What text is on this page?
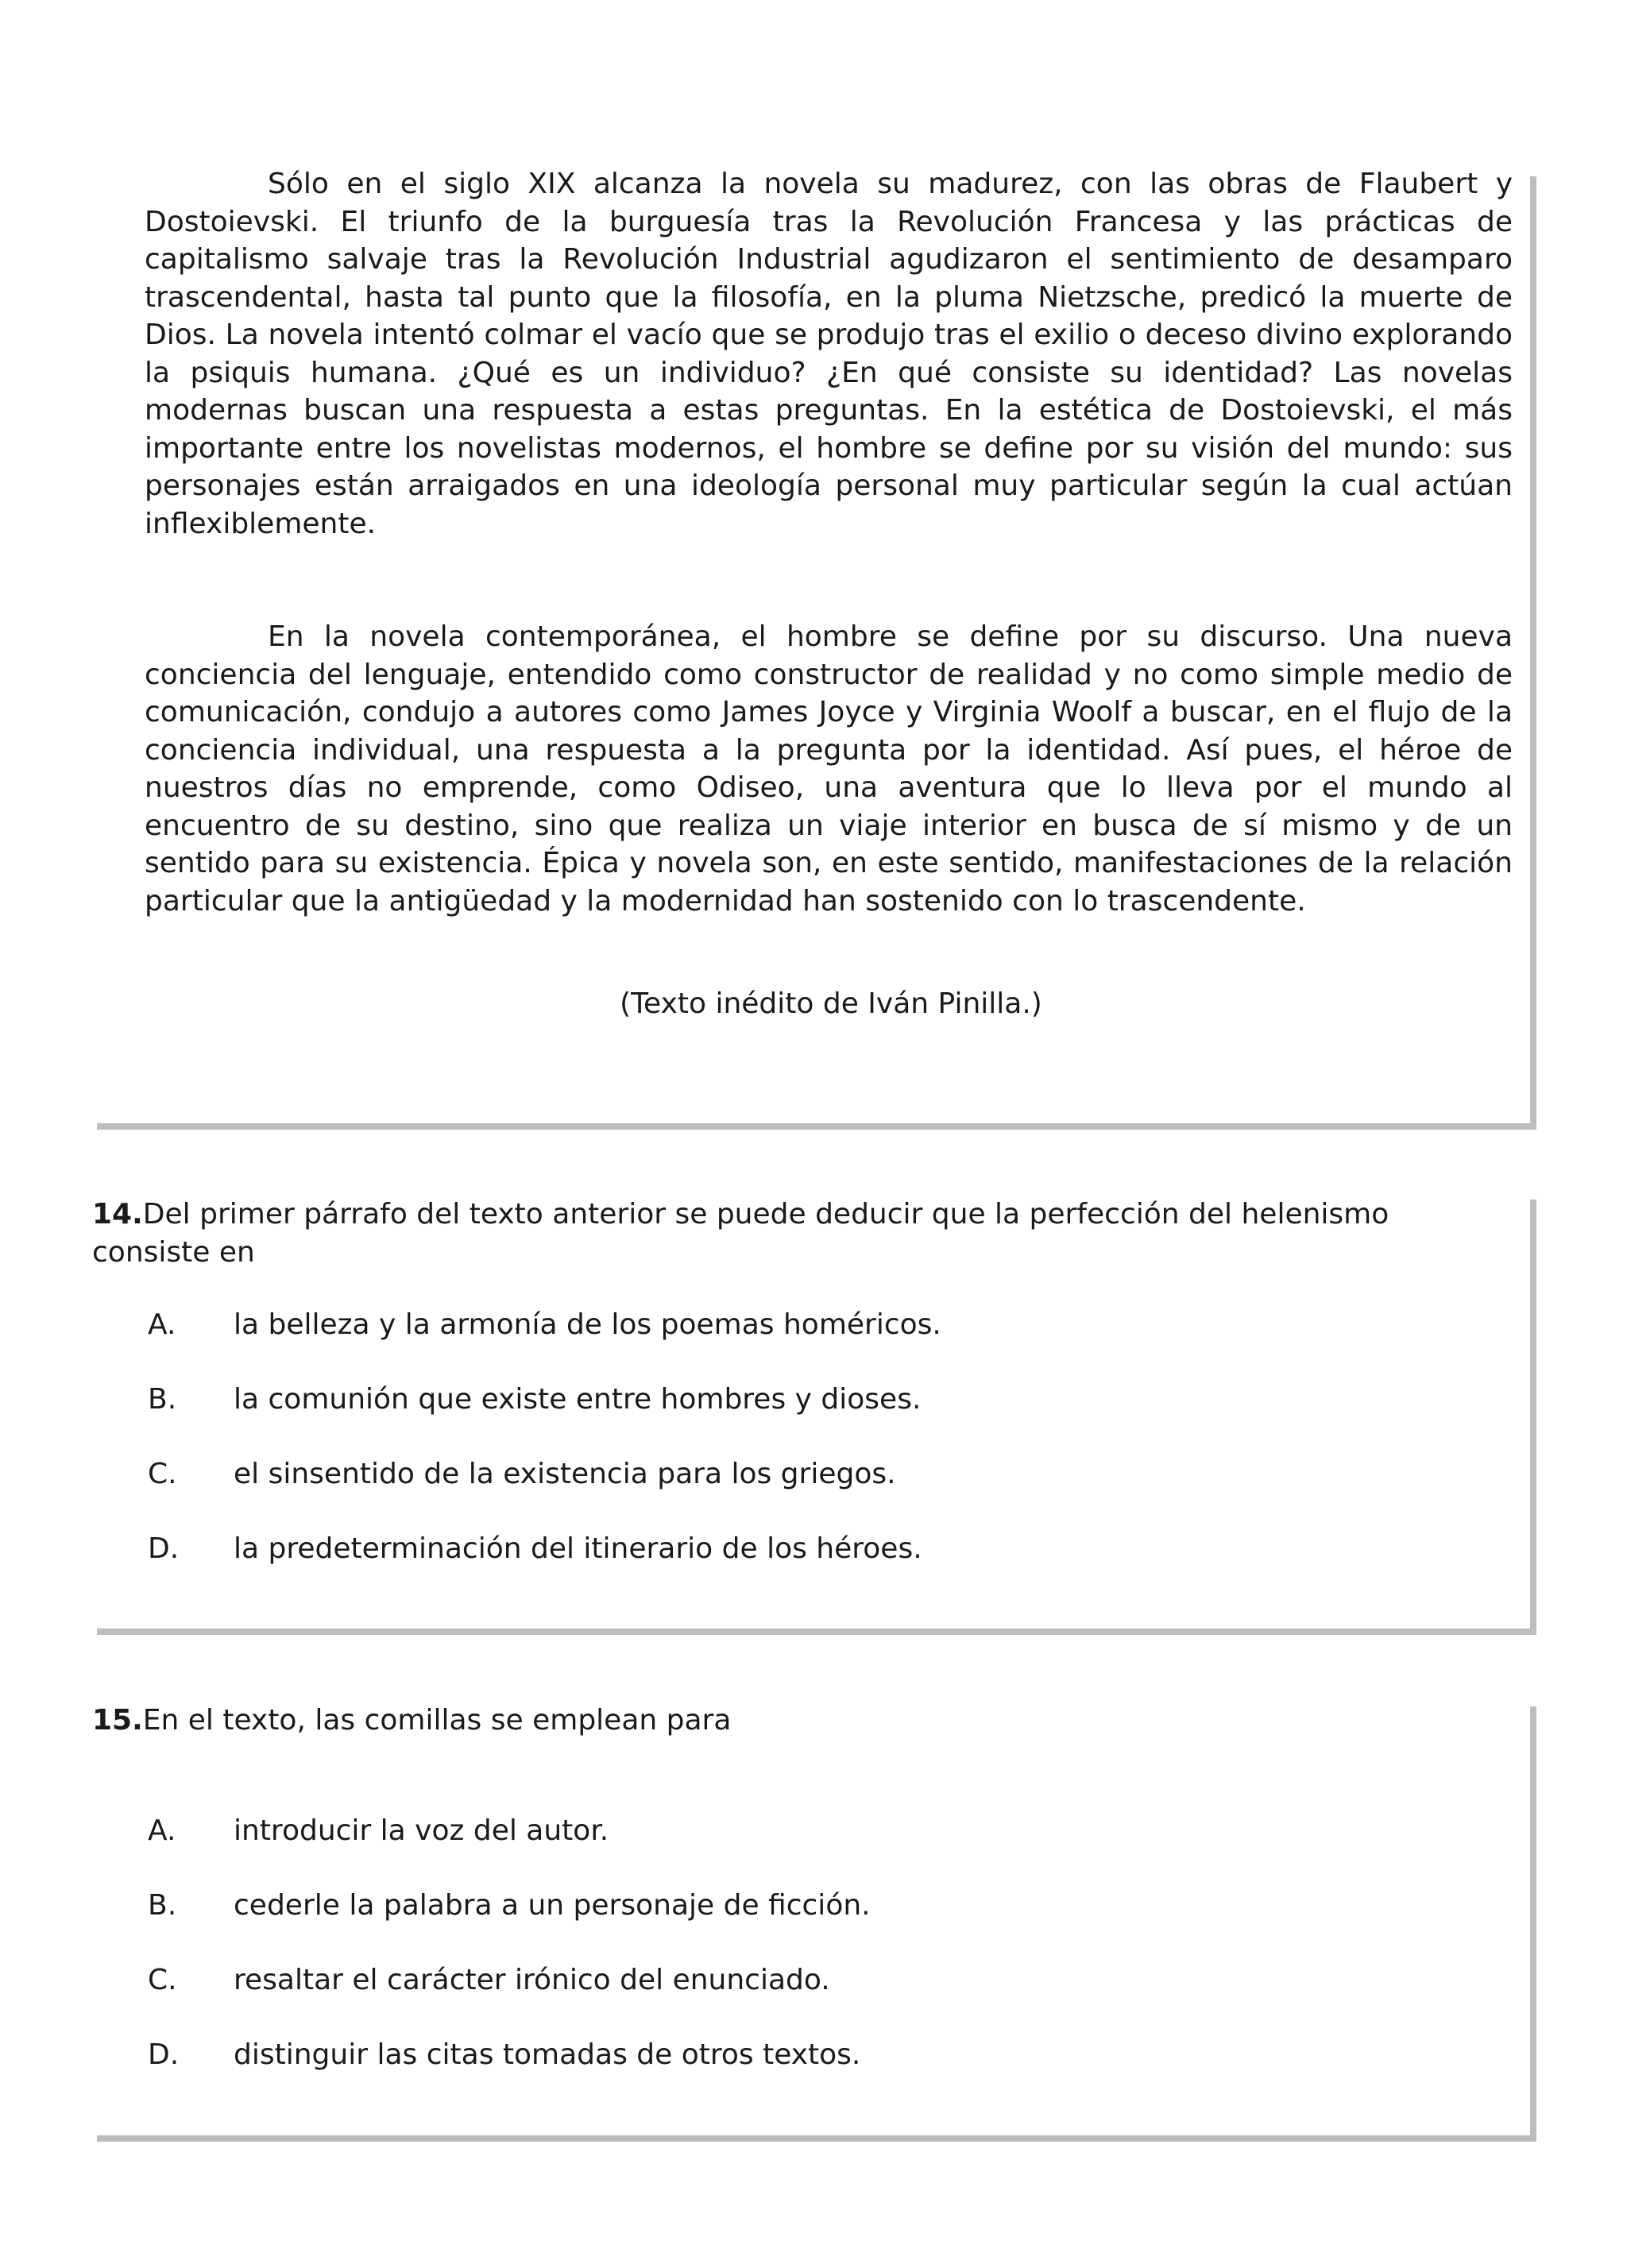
Sólo en el siglo XIX alcanza la novela su madurez, con las obras de Flaubert y Dostoievski. El triunfo de la burguesía tras la Revolución Francesa y las prácticas de capitalismo salvaje tras la Revolución Industrial agudizaron el sentimiento de desamparo trascendental, hasta tal punto que la filosofía, en la pluma Nietzsche, predicó la muerte de Dios. La novela intentó colmar el vacío que se produjo tras el exilio o deceso divino explorando la psiquis humana. ¿Qué es un individuo? ¿En qué consiste su identidad? Las novelas modernas buscan una respuesta a estas preguntas. En la estética de Dostoievski, el más importante entre los novelistas modernos, el hombre se define por su visión del mundo: sus personajes están arraigados en una ideología personal muy particular según la cual actúan inflexiblemente.

En la novela contemporánea, el hombre se define por su discurso. Una nueva conciencia del lenguaje, entendido como constructor de realidad y no como simple medio de comunicación, condujo a autores como James Joyce y Virginia Woolf a buscar, en el flujo de la conciencia individual, una respuesta a la pregunta por la identidad. Así pues, el héroe de nuestros días no emprende, como Odiseo, una aventura que lo lleva por el mundo al encuentro de su destino, sino que realiza un viaje interior en busca de sí mismo y de un sentido para su existencia. Épica y novela son, en este sentido, manifestaciones de la relación particular que la antigüedad y la modernidad han sostenido con lo trascendente.

(Texto inédito de Iván Pinilla.)
14.Del primer párrafo del texto anterior se puede deducir que la perfección del helenismo consiste en
A. la belleza y la armonía de los poemas homéricos.
B. la comunión que existe entre hombres y dioses.
C. el sinsentido de la existencia para los griegos.
D. la predeterminación del itinerario de los héroes.
15.En el texto, las comillas se emplean para
A. introducir la voz del autor.
B. cederle la palabra a un personaje de ficción.
C. resaltar el carácter irónico del enunciado.
D. distinguir las citas tomadas de otros textos.
